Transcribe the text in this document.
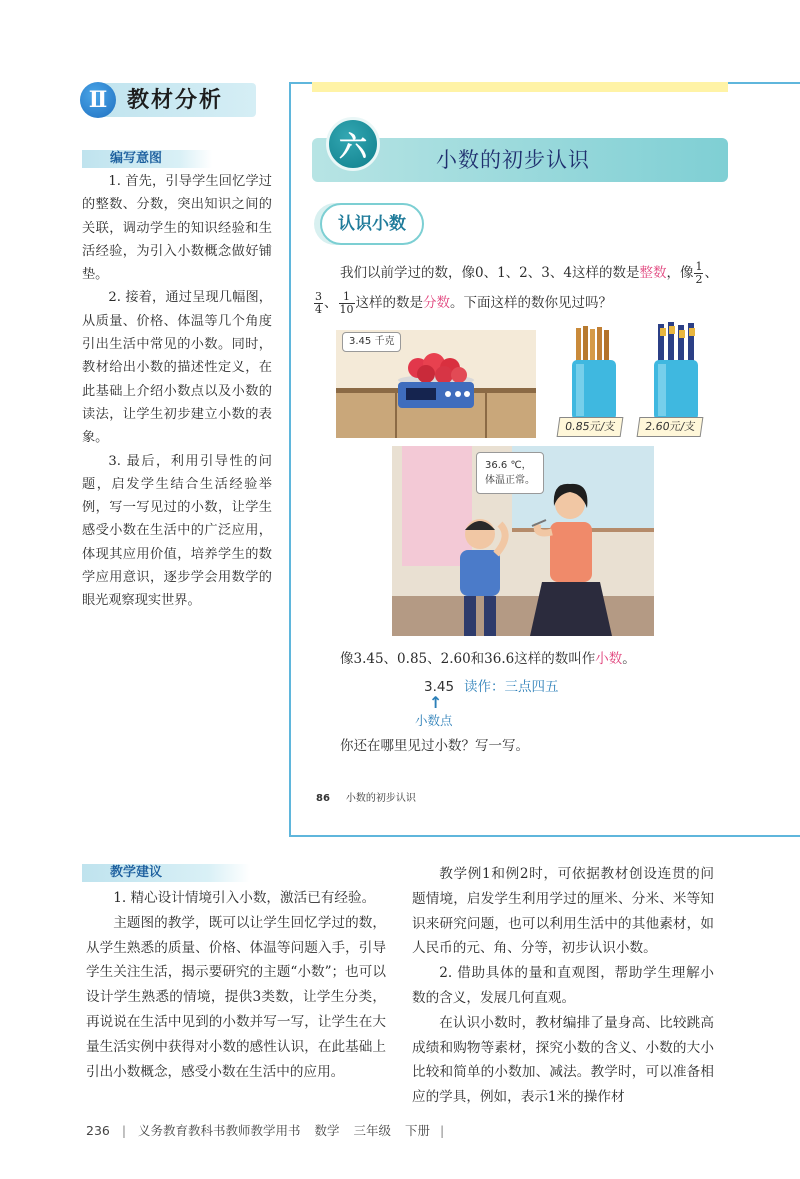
Ⅱ 教材分析
编写意图

1. 首先，引导学生回忆学过的整数、分数，突出知识之间的关联，调动学生的知识经验和生活经验，为引入小数概念做好铺垫。

2. 接着，通过呈现几幅图，从质量、价格、体温等几个角度引出生活中常见的小数。同时，教材给出小数的描述性定义，在此基础上介绍小数点以及小数的读法，让学生初步建立小数的表象。

3. 最后，利用引导性的问题，启发学生结合生活经验举例，写一写见过的小数，让学生感受小数在生活中的广泛应用，体现其应用价值，培养学生的数学应用意识，逐步学会用数学的眼光观察现实世界。

六	小数的初步认识
认识小数
我们以前学过的数，像0、1、2、3、4这样的数是整数，像 $\frac{1}{2}$ 、
$\frac{3}{4}$ 、 $\frac{1}{10}$ 这样的数是分数。下面这样的数你见过吗？
3.45 千克
0.85元/支	2.60元/支
36.6 ℃，
体温正常。
像3.45、0.85、2.60和36.6这样的数叫作小数。
3.45 读作：三点四五
↑
小数点
你还在哪里见过小数？写一写。
86 小数的初步认识
教学建议

1. 精心设计情境引入小数，激活已有经验。

主题图的教学，既可以让学生回忆学过的数，从学生熟悉的质量、价格、体温等问题入手，引导学生关注生活，揭示要研究的主题“小数”；也可以设计学生熟悉的情境，提供3类数，让学生分类，再说说在生活中见到的小数并写一写，让学生在大量生活实例中获得对小数的感性认识，在此基础上引出小数概念，感受小数在生活中的应用。

教学例1和例2时，可依据教材创设连贯的问题情境，启发学生利用学过的厘米、分米、米等知识来研究问题，也可以利用生活中的其他素材，如人民币的元、角、分等，初步认识小数。

2. 借助具体的量和直观图，帮助学生理解小数的含义，发展几何直观。

在认识小数时，教材编排了量身高、比较跳高成绩和购物等素材，探究小数的含义、小数的大小比较和简单的小数加、减法。教学时，可以准备相应的学具，例如，表示1米的操作材

236 | 义务教育教科书教师教学用书 数学 三年级 下册 |
